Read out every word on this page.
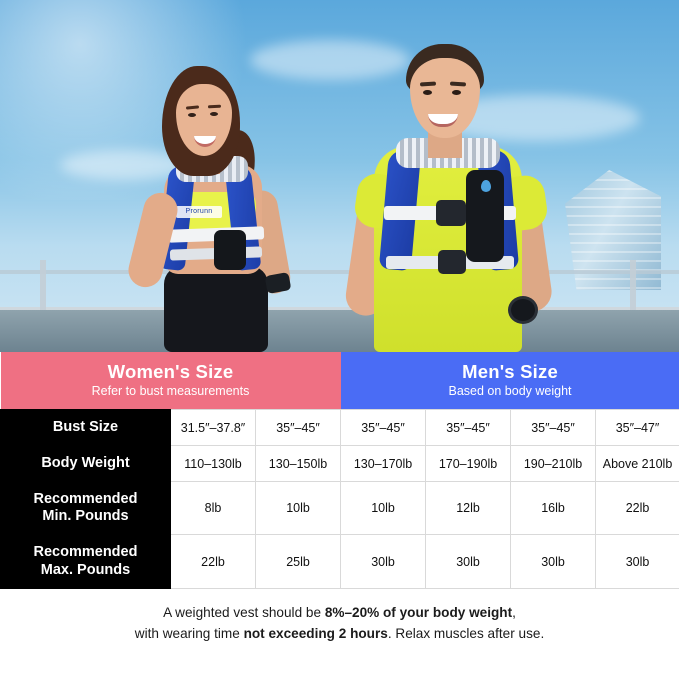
Prorunn
Women's Size
Refer to bust measurements

Men's Size
Based on body weight

Bust Size	31.5″–37.8″	35″–45″	35″–45″	35″–45″	35″–45″	35″–47″
Body Weight	110–130lb	130–150lb	130–170lb	170–190lb	190–210lb	Above 210lb

Recommended
Min. Pounds	8lb	10lb	10lb	12lb	16lb	22lb

Recommended
Max. Pounds	22lb	25lb	30lb	30lb	30lb	30lb
A weighted vest should be 8%–20% of your body weight,
with wearing time not exceeding 2 hours. Relax muscles after use.
